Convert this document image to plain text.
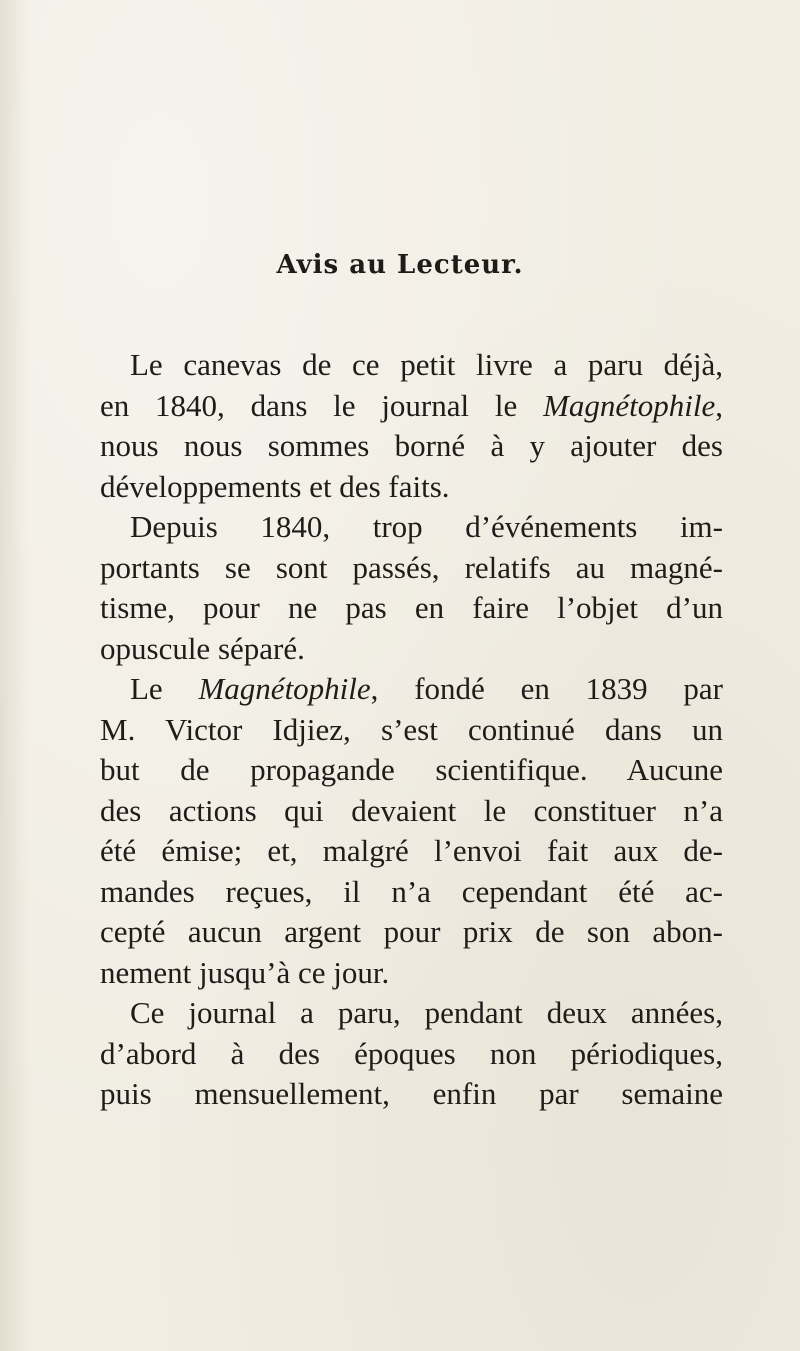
Avis au Lecteur.
Le canevas de ce petit livre a paru déjà,
en 1840, dans le journal le Magnétophile,
nous nous sommes borné à y ajouter des
développements et des faits.
Depuis 1840, trop d’événements im-
portants se sont passés, relatifs au magné-
tisme, pour ne pas en faire l’objet d’un
opuscule séparé.
Le Magnétophile, fondé en 1839 par
M. Victor Idjiez, s’est continué dans un
but de propagande scientifique. Aucune
des actions qui devaient le constituer n’a
été émise; et, malgré l’envoi fait aux de-
mandes reçues, il n’a cependant été ac-
cepté aucun argent pour prix de son abon-
nement jusqu’à ce jour.
Ce journal a paru, pendant deux années,
d’abord à des époques non périodiques,
puis mensuellement, enfin par semaine
